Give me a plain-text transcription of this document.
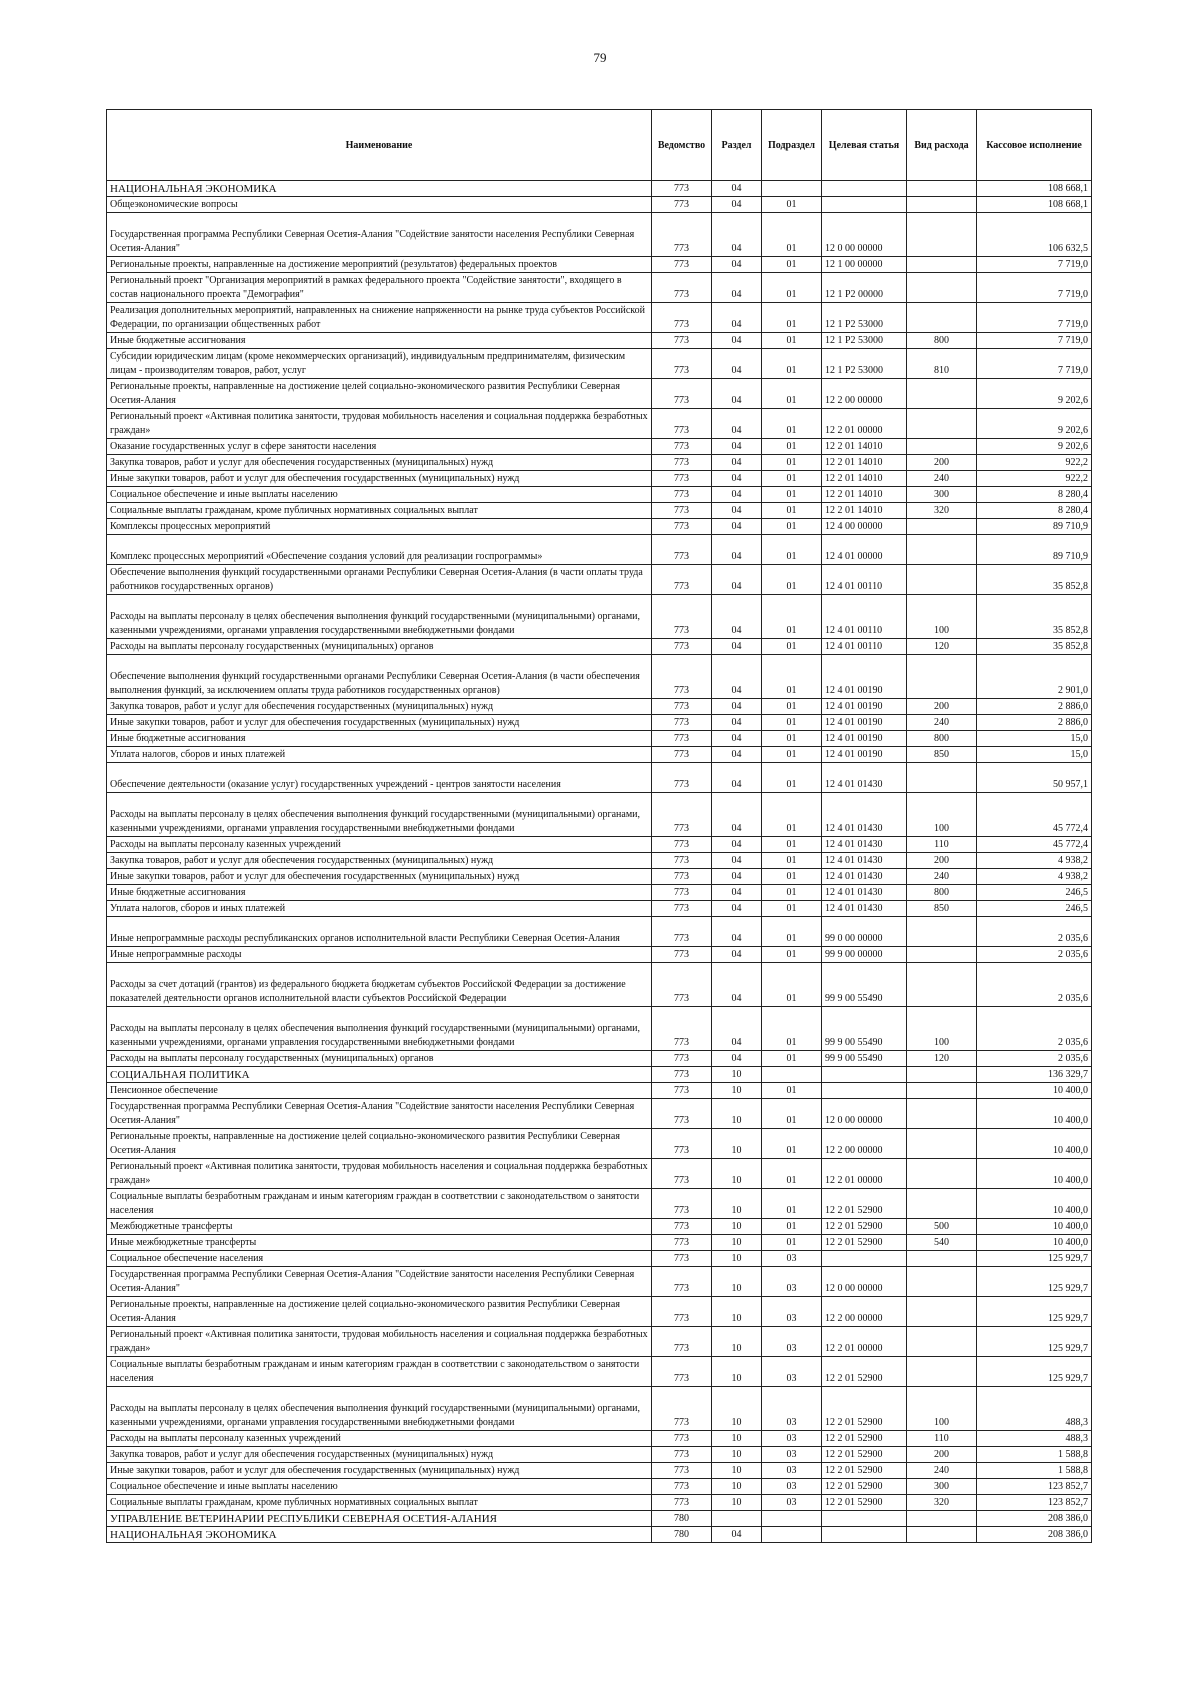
79
Наименование	Ведомство	Раздел	Подраздел	Целевая статья	Вид расхода	Кассовое исполнение
НАЦИОНАЛЬНАЯ ЭКОНОМИКА	773	04				108 668,1
Общеэкономические вопросы	773	04	01			108 668,1
Государственная программа Республики Северная Осетия-Алания "Содействие занятости населения Республики Северная Осетия-Алания"	773	04	01	12 0 00 00000		106 632,5
Региональные проекты, направленные на достижение мероприятий (результатов) федеральных проектов	773	04	01	12 1 00 00000		7 719,0
Региональный проект "Организация мероприятий в рамках федерального проекта "Содействие занятости", входящего в состав национального проекта "Демография"	773	04	01	12 1 Р2 00000		7 719,0
Реализация дополнительных мероприятий, направленных на снижение напряженности на рынке труда субъектов Российской Федерации, по организации общественных работ	773	04	01	12 1 Р2 53000		7 719,0
Иные бюджетные ассигнования	773	04	01	12 1 Р2 53000	800	7 719,0
Субсидии юридическим лицам (кроме некоммерческих организаций), индивидуальным предпринимателям, физическим лицам - производителям товаров, работ, услуг	773	04	01	12 1 Р2 53000	810	7 719,0
Региональные проекты, направленные на достижение целей социально-экономического развития Республики Северная Осетия-Алания	773	04	01	12 2 00 00000		9 202,6
Региональный проект «Активная политика занятости, трудовая мобильность населения и социальная поддержка безработных граждан»	773	04	01	12 2 01 00000		9 202,6
Оказание государственных услуг в сфере занятости населения	773	04	01	12 2 01 14010		9 202,6
Закупка товаров, работ и услуг для обеспечения государственных (муниципальных) нужд	773	04	01	12 2 01 14010	200	922,2
Иные закупки товаров, работ и услуг для обеспечения государственных (муниципальных) нужд	773	04	01	12 2 01 14010	240	922,2
Социальное обеспечение и иные выплаты населению	773	04	01	12 2 01 14010	300	8 280,4
Социальные выплаты гражданам, кроме публичных нормативных социальных выплат	773	04	01	12 2 01 14010	320	8 280,4
Комплексы процессных мероприятий	773	04	01	12 4 00 00000		89 710,9
Комплекс процессных мероприятий «Обеспечение создания условий для реализации госпрограммы»	773	04	01	12 4 01 00000		89 710,9
Обеспечение выполнения функций государственными органами Республики Северная Осетия-Алания (в части оплаты труда работников государственных органов)	773	04	01	12 4 01 00110		35 852,8
Расходы на выплаты персоналу в целях обеспечения выполнения функций государственными (муниципальными) органами, казенными учреждениями, органами управления государственными внебюджетными фондами	773	04	01	12 4 01 00110	100	35 852,8
Расходы на выплаты персоналу государственных (муниципальных) органов	773	04	01	12 4 01 00110	120	35 852,8
Обеспечение выполнения функций государственными органами Республики Северная Осетия-Алания (в части обеспечения выполнения функций, за исключением оплаты труда работников государственных органов)	773	04	01	12 4 01 00190		2 901,0
Закупка товаров, работ и услуг для обеспечения государственных (муниципальных) нужд	773	04	01	12 4 01 00190	200	2 886,0
Иные закупки товаров, работ и услуг для обеспечения государственных (муниципальных) нужд	773	04	01	12 4 01 00190	240	2 886,0
Иные бюджетные ассигнования	773	04	01	12 4 01 00190	800	15,0
Уплата налогов, сборов и иных платежей	773	04	01	12 4 01 00190	850	15,0
Обеспечение деятельности (оказание услуг) государственных учреждений - центров занятости населения	773	04	01	12 4 01 01430		50 957,1
Расходы на выплаты персоналу в целях обеспечения выполнения функций государственными (муниципальными) органами, казенными учреждениями, органами управления государственными внебюджетными фондами	773	04	01	12 4 01 01430	100	45 772,4
Расходы на выплаты персоналу казенных учреждений	773	04	01	12 4 01 01430	110	45 772,4
Закупка товаров, работ и услуг для обеспечения государственных (муниципальных) нужд	773	04	01	12 4 01 01430	200	4 938,2
Иные закупки товаров, работ и услуг для обеспечения государственных (муниципальных) нужд	773	04	01	12 4 01 01430	240	4 938,2
Иные бюджетные ассигнования	773	04	01	12 4 01 01430	800	246,5
Уплата налогов, сборов и иных платежей	773	04	01	12 4 01 01430	850	246,5
Иные непрограммные расходы республиканских органов исполнительной власти Республики Северная Осетия-Алания	773	04	01	99 0 00 00000		2 035,6
Иные непрограммные расходы	773	04	01	99 9 00 00000		2 035,6
Расходы за счет дотаций (грантов) из федерального бюджета бюджетам субъектов Российской Федерации за достижение показателей деятельности органов исполнительной власти субъектов Российской Федерации	773	04	01	99 9 00 55490		2 035,6
Расходы на выплаты персоналу в целях обеспечения выполнения функций государственными (муниципальными) органами, казенными учреждениями, органами управления государственными внебюджетными фондами	773	04	01	99 9 00 55490	100	2 035,6
Расходы на выплаты персоналу государственных (муниципальных) органов	773	04	01	99 9 00 55490	120	2 035,6
СОЦИАЛЬНАЯ ПОЛИТИКА	773	10				136 329,7
Пенсионное обеспечение	773	10	01			10 400,0
Государственная программа Республики Северная Осетия-Алания "Содействие занятости населения Республики Северная Осетия-Алания"	773	10	01	12 0 00 00000		10 400,0
Региональные проекты, направленные на достижение целей социально-экономического развития Республики Северная Осетия-Алания	773	10	01	12 2 00 00000		10 400,0
Региональный проект «Активная политика занятости, трудовая мобильность населения и социальная поддержка безработных граждан»	773	10	01	12 2 01 00000		10 400,0
Социальные выплаты безработным гражданам и иным категориям граждан в соответствии с законодательством о занятости населения	773	10	01	12 2 01 52900		10 400,0
Межбюджетные трансферты	773	10	01	12 2 01 52900	500	10 400,0
Иные межбюджетные трансферты	773	10	01	12 2 01 52900	540	10 400,0
Социальное обеспечение населения	773	10	03			125 929,7
Государственная программа Республики Северная Осетия-Алания "Содействие занятости населения Республики Северная Осетия-Алания"	773	10	03	12 0 00 00000		125 929,7
Региональные проекты, направленные на достижение целей социально-экономического развития Республики Северная Осетия-Алания	773	10	03	12 2 00 00000		125 929,7
Региональный проект «Активная политика занятости, трудовая мобильность населения и социальная поддержка безработных граждан»	773	10	03	12 2 01 00000		125 929,7
Социальные выплаты безработным гражданам и иным категориям граждан в соответствии с законодательством о занятости населения	773	10	03	12 2 01 52900		125 929,7
Расходы на выплаты персоналу в целях обеспечения выполнения функций государственными (муниципальными) органами, казенными учреждениями, органами управления государственными внебюджетными фондами	773	10	03	12 2 01 52900	100	488,3
Расходы на выплаты персоналу казенных учреждений	773	10	03	12 2 01 52900	110	488,3
Закупка товаров, работ и услуг для обеспечения государственных (муниципальных) нужд	773	10	03	12 2 01 52900	200	1 588,8
Иные закупки товаров, работ и услуг для обеспечения государственных (муниципальных) нужд	773	10	03	12 2 01 52900	240	1 588,8
Социальное обеспечение и иные выплаты населению	773	10	03	12 2 01 52900	300	123 852,7
Социальные выплаты гражданам, кроме публичных нормативных социальных выплат	773	10	03	12 2 01 52900	320	123 852,7
УПРАВЛЕНИЕ ВЕТЕРИНАРИИ РЕСПУБЛИКИ СЕВЕРНАЯ ОСЕТИЯ-АЛАНИЯ	780					208 386,0
НАЦИОНАЛЬНАЯ ЭКОНОМИКА	780	04				208 386,0
